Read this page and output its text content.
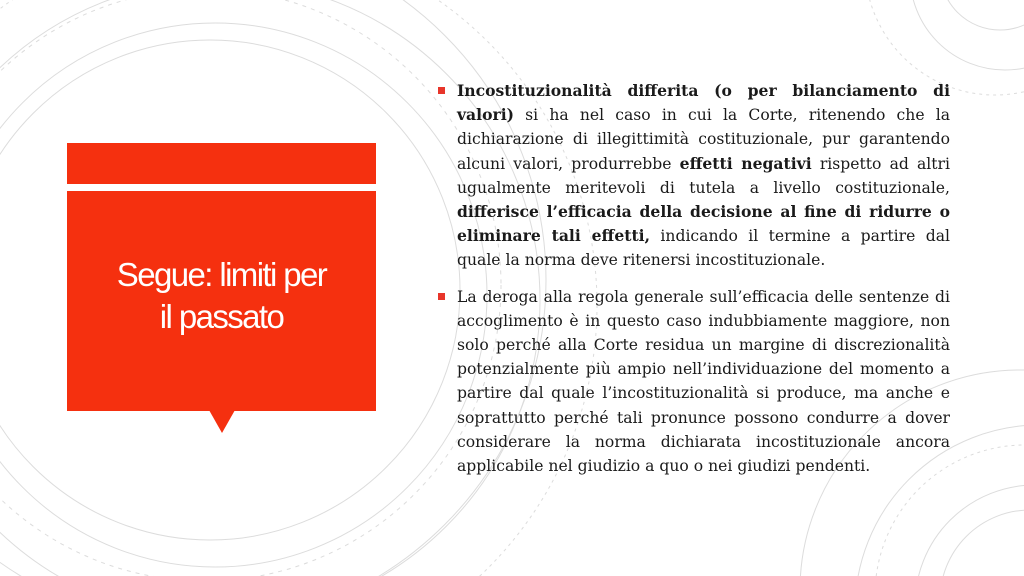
Segue: limiti per
il passato

Incostituzionalità differita (o per bilanciamento di valori) si ha nel caso in cui la Corte, ritenendo che la dichiarazione di illegittimità costituzionale, pur garantendo alcuni valori, produrrebbe effetti negativi rispetto ad altri ugualmente meritevoli di tutela a livello costituzionale, differisce l’efficacia della decisione al fine di ridurre o eliminare tali effetti, indicando il termine a partire dal quale la norma deve ritenersi incostituzionale.

La deroga alla regola generale sull’efficacia delle sentenze di accoglimento è in questo caso indubbiamente maggiore, non solo perché alla Corte residua un margine di discrezionalità potenzialmente più ampio nell’individuazione del momento a partire dal quale l’incostituzionalità si produce, ma anche e soprattutto perché tali pronunce possono condurre a dover considerare la norma dichiarata incostituzionale ancora applicabile nel giudizio a quo o nei giudizi pendenti.
